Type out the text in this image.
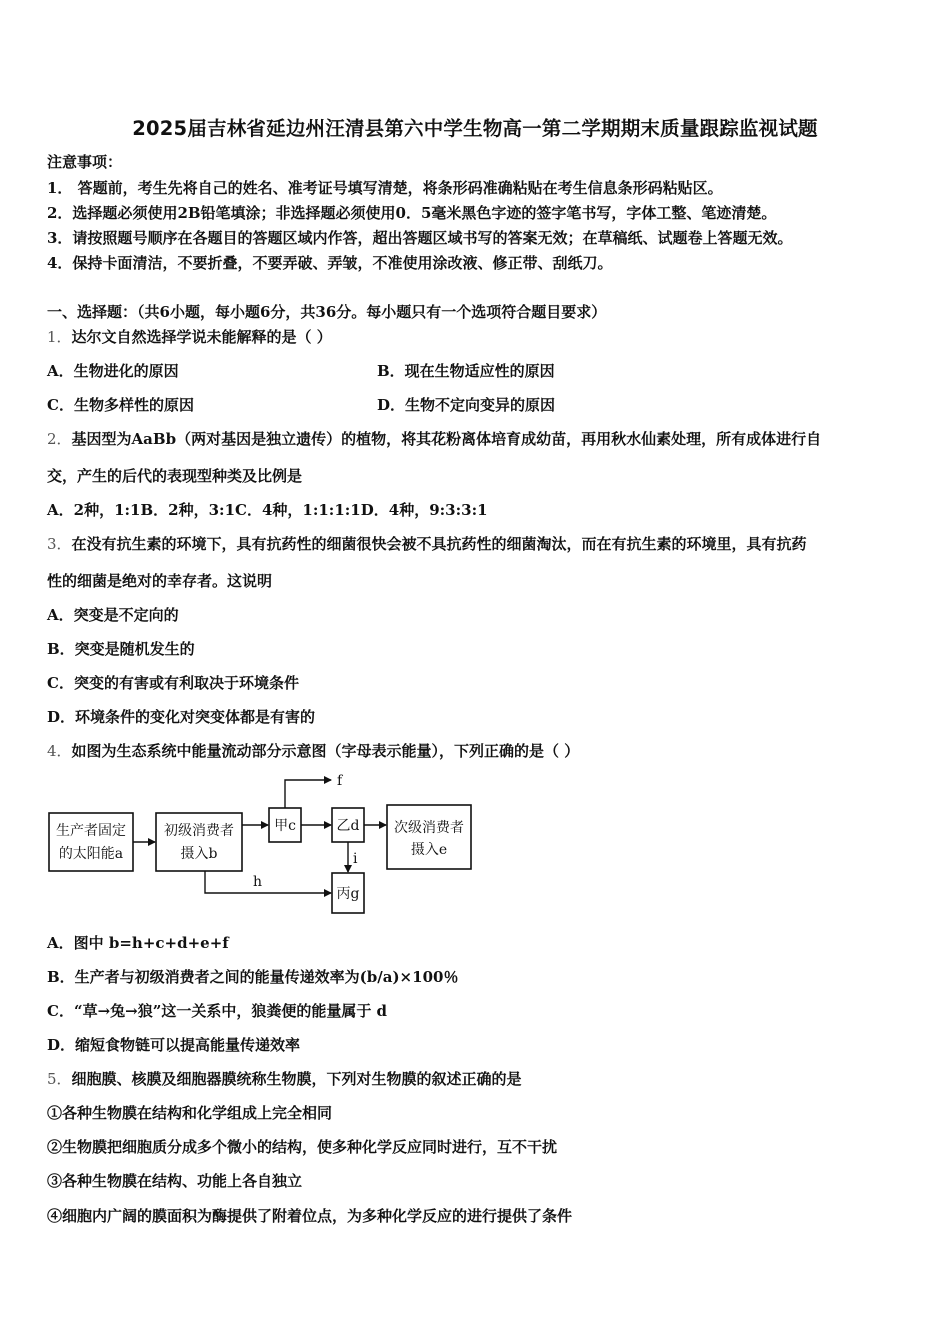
2025届吉林省延边州汪清县第六中学生物高一第二学期期末质量跟踪监视试题
注意事项：
1． 答题前，考生先将自己的姓名、准考证号填写清楚，将条形码准确粘贴在考生信息条形码粘贴区。
2．选择题必须使用2B铅笔填涂；非选择题必须使用0．5毫米黑色字迹的签字笔书写，字体工整、笔迹清楚。
3．请按照题号顺序在各题目的答题区域内作答，超出答题区域书写的答案无效；在草稿纸、试题卷上答题无效。
4．保持卡面清洁，不要折叠，不要弄破、弄皱，不准使用涂改液、修正带、刮纸刀。
一、选择题：（共6小题，每小题6分，共36分。每小题只有一个选项符合题目要求）
1．达尔文自然选择学说未能解释的是（ ）
A．生物进化的原因	B．现在生物适应性的原因
C．生物多样性的原因	D．生物不定向变异的原因
2．基因型为AaBb（两对基因是独立遗传）的植物，将其花粉离体培育成幼苗，再用秋水仙素处理，所有成体进行自
交，产生的后代的表现型种类及比例是
A．2种，1:1B．2种，3:1C．4种，1:1:1:1D．4种，9:3:3:1
3．在没有抗生素的环境下，具有抗药性的细菌很快会被不具抗药性的细菌淘汰，而在有抗生素的环境里，具有抗药
性的细菌是绝对的幸存者。这说明
A．突变是不定向的
B．突变是随机发生的
C．突变的有害或有利取决于环境条件
D．环境条件的变化对突变体都是有害的
4．如图为生态系统中能量流动部分示意图（字母表示能量），下列正确的是（ ）
生产者固定
的太阳能a
初级消费者
摄入b
甲c	乙d 次级消费者
摄入e
丙g
f
i
h
A．图中 b=h+c+d+e+f
B．生产者与初级消费者之间的能量传递效率为(b/a)×100％
C．“草→兔→狼”这一关系中，狼粪便的能量属于 d
D．缩短食物链可以提高能量传递效率
5．细胞膜、核膜及细胞器膜统称生物膜，下列对生物膜的叙述正确的是
①各种生物膜在结构和化学组成上完全相同
②生物膜把细胞质分成多个微小的结构，使多种化学反应同时进行，互不干扰
③各种生物膜在结构、功能上各自独立
④细胞内广阔的膜面积为酶提供了附着位点，为多种化学反应的进行提供了条件
